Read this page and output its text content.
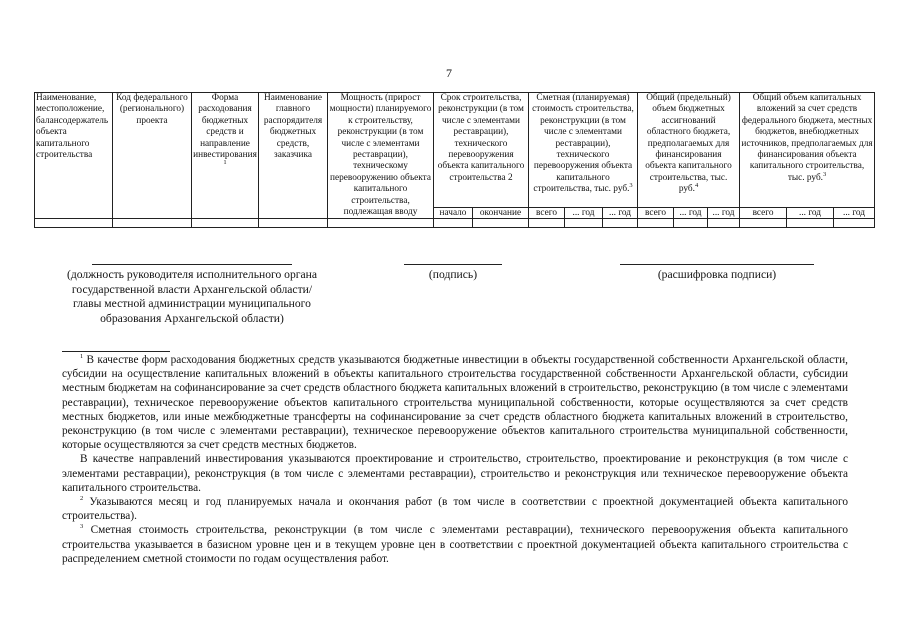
7
Наименование, местоположение, балансодержатель объекта капитального строительства	Код федерального (регионального) проекта	Форма расходования бюджетных средств и направление инвестирования $^1$	Наименование главного распорядителя бюджетных средств, заказчика	Мощность (прирост мощности) планируемого к строительству, реконструкции (в том числе с элементами реставрации), техническому перевооружению объекта капитального строительства, подлежащая вводу	Срок строительства, реконструкции (в том числе с элементами реставрации), технического перевооружения объекта капитального строительства 2		Сметная (планируемая) стоимость строительства, реконструкции (в том числе с элементами реставрации), технического перевооружения объекта капитального строительства, тыс. руб.$^3$			Общий (предельный) объем бюджетных ассигнований областного бюджета, предполагаемых для финансирования объекта капитального строительства, тыс. руб.$^4$			Общий объем капитальных вложений за счет средств федерального бюджета, местных бюджетов, внебюджетных источников, предполагаемых для финансирования объекта капитального строительства, тыс. руб.$^3$
					начало	окончание	всего	... год	... год	всего	... год	... год	всего	... год	... год

(должность руководителя исполнительного органа государственной власти Архангельской области/главы местной администрации муниципального образования Архангельской области)
(подпись)	(расшифровка подписи)

$^1$ В качестве форм расходования бюджетных средств указываются бюджетные инвестиции в объекты государственной собственности Архангельской области, субсидии на осуществление капитальных вложений в объекты капитального строительства государственной собственности Архангельской области, субсидии местным бюджетам на софинансирование за счет средств областного бюджета капитальных вложений в строительство, реконструкцию (в том числе с элементами реставрации), техническое перевооружение объектов капитального строительства муниципальной собственности, которые осуществляются за счет средств местных бюджетов, или иные межбюджетные трансферты на софинансирование за счет средств областного бюджета капитальных вложений в строительство, реконструкцию (в том числе с элементами реставрации), техническое перевооружение объектов капитального строительства муниципальной собственности, которые осуществляются за счет средств местных бюджетов.

В качестве направлений инвестирования указываются проектирование и строительство, строительство, проектирование и реконструкция (в том числе с элементами реставрации), реконструкция (в том числе с элементами реставрации), строительство и реконструкция или техническое перевооружение объекта капитального строительства.

$^2$ Указываются месяц и год планируемых начала и окончания работ (в том числе в соответствии с проектной документацией объекта капитального строительства).

$^3$ Сметная стоимость строительства, реконструкции (в том числе с элементами реставрации), технического перевооружения объекта капитального строительства указывается в базисном уровне цен и в текущем уровне цен в соответствии с проектной документацией объекта капитального строительства с распределением сметной стоимости по годам осуществления работ.
